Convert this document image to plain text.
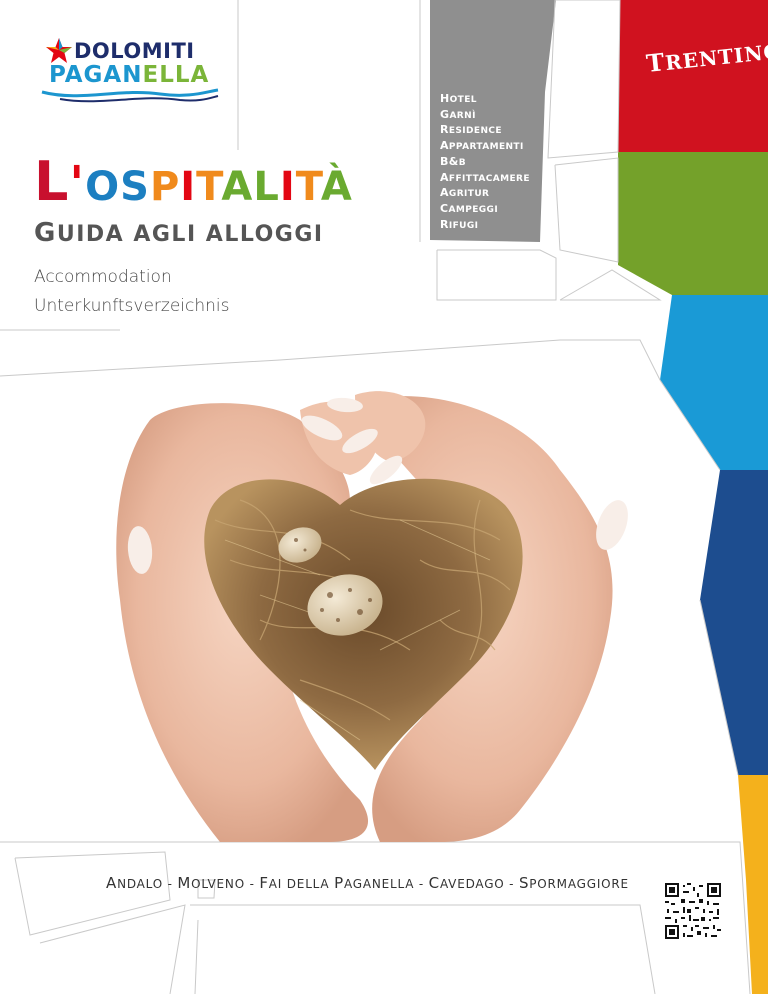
DOLOMITI
PAGANELLA
L'OSPITALITÀ
GUIDA AGLI ALLOGGI
Accommodation
Unterkunftsverzeichnis
HOTEL
GARNÌ
RESIDENCE
APPARTAMENTI
B&B
AFFITTACAMERE
AGRITUR
CAMPEGGI
RIFUGI
TRENTINO
ANDALO - MOLVENO - FAI DELLA PAGANELLA - CAVEDAGO - SPORMAGGIORE
